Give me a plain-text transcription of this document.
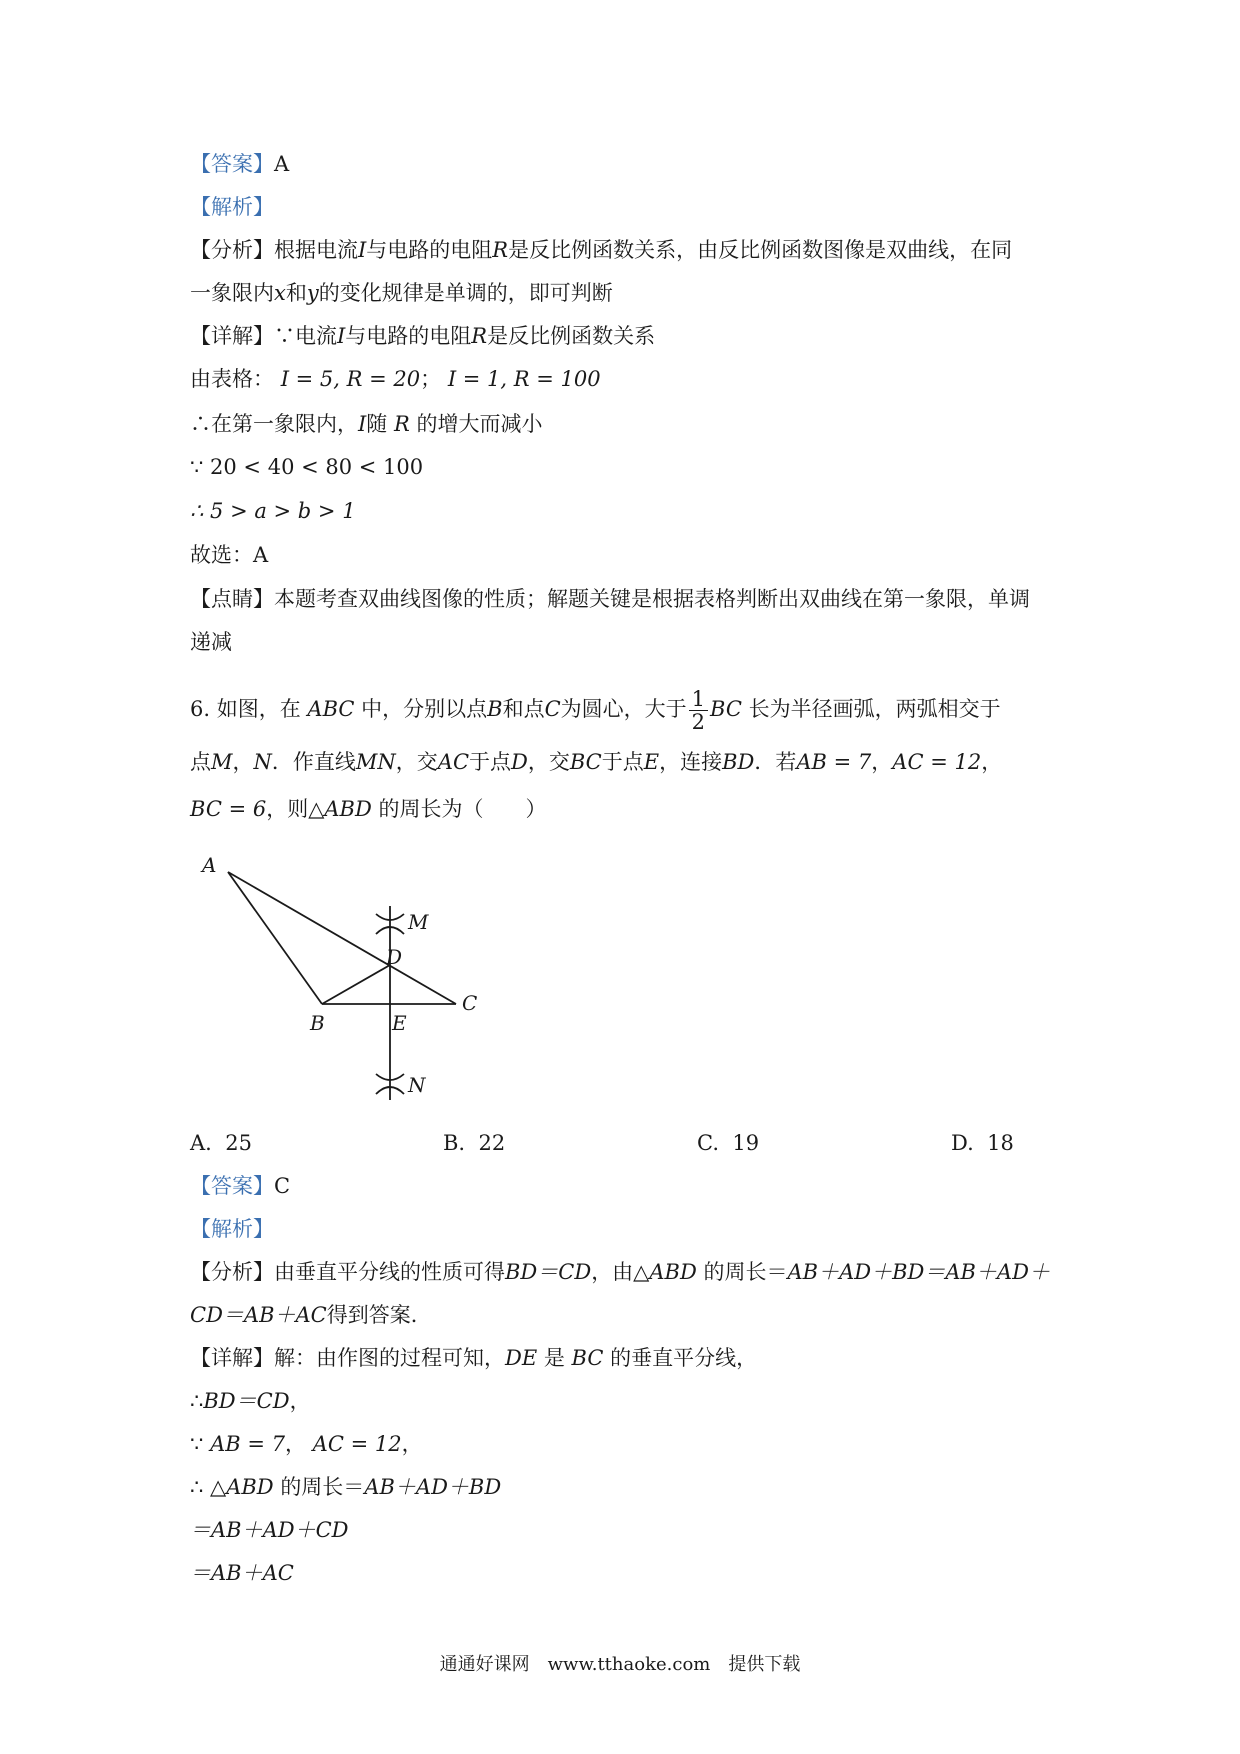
【答案】A
【解析】
【分析】根据电流I与电路的电阻R是反比例函数关系，由反比例函数图像是双曲线，在同
一象限内x和y的变化规律是单调的，即可判断
【详解】∵电流I与电路的电阻R是反比例函数关系
由表格： I = 5, R = 20； I = 1, R = 100
∴在第一象限内，I随 R 的增大而减小
∵ 20 < 40 < 80 < 100
∴ 5 > a > b > 1
故选：A
【点睛】本题考查双曲线图像的性质；解题关键是根据表格判断出双曲线在第一象限，单调
递减
6. 如图，在 ABC 中，分别以点B和点C为圆心，大于 $\frac{1}{2}$ BC 长为半径画弧，两弧相交于
点M，N．作直线MN，交AC于点D，交BC于点E，连接BD．若AB = 7，AC = 12，
BC = 6，则△ABD 的周长为（　　）
A
B
C
D
E
M
N
A. 25	B. 22	C. 19	D. 18
【答案】C
【解析】
【分析】由垂直平分线的性质可得BD＝CD，由△ABD 的周长＝AB＋AD＋BD＝AB＋AD＋
CD＝AB＋AC得到答案．
【详解】解：由作图的过程可知，DE 是 BC 的垂直平分线，
∴BD＝CD，
∵ AB = 7， AC = 12，
∴ △ABD 的周长＝AB＋AD＋BD
＝AB＋AD＋CD
＝AB＋AC
通通好课网　www.tthaoke.com　提供下载
